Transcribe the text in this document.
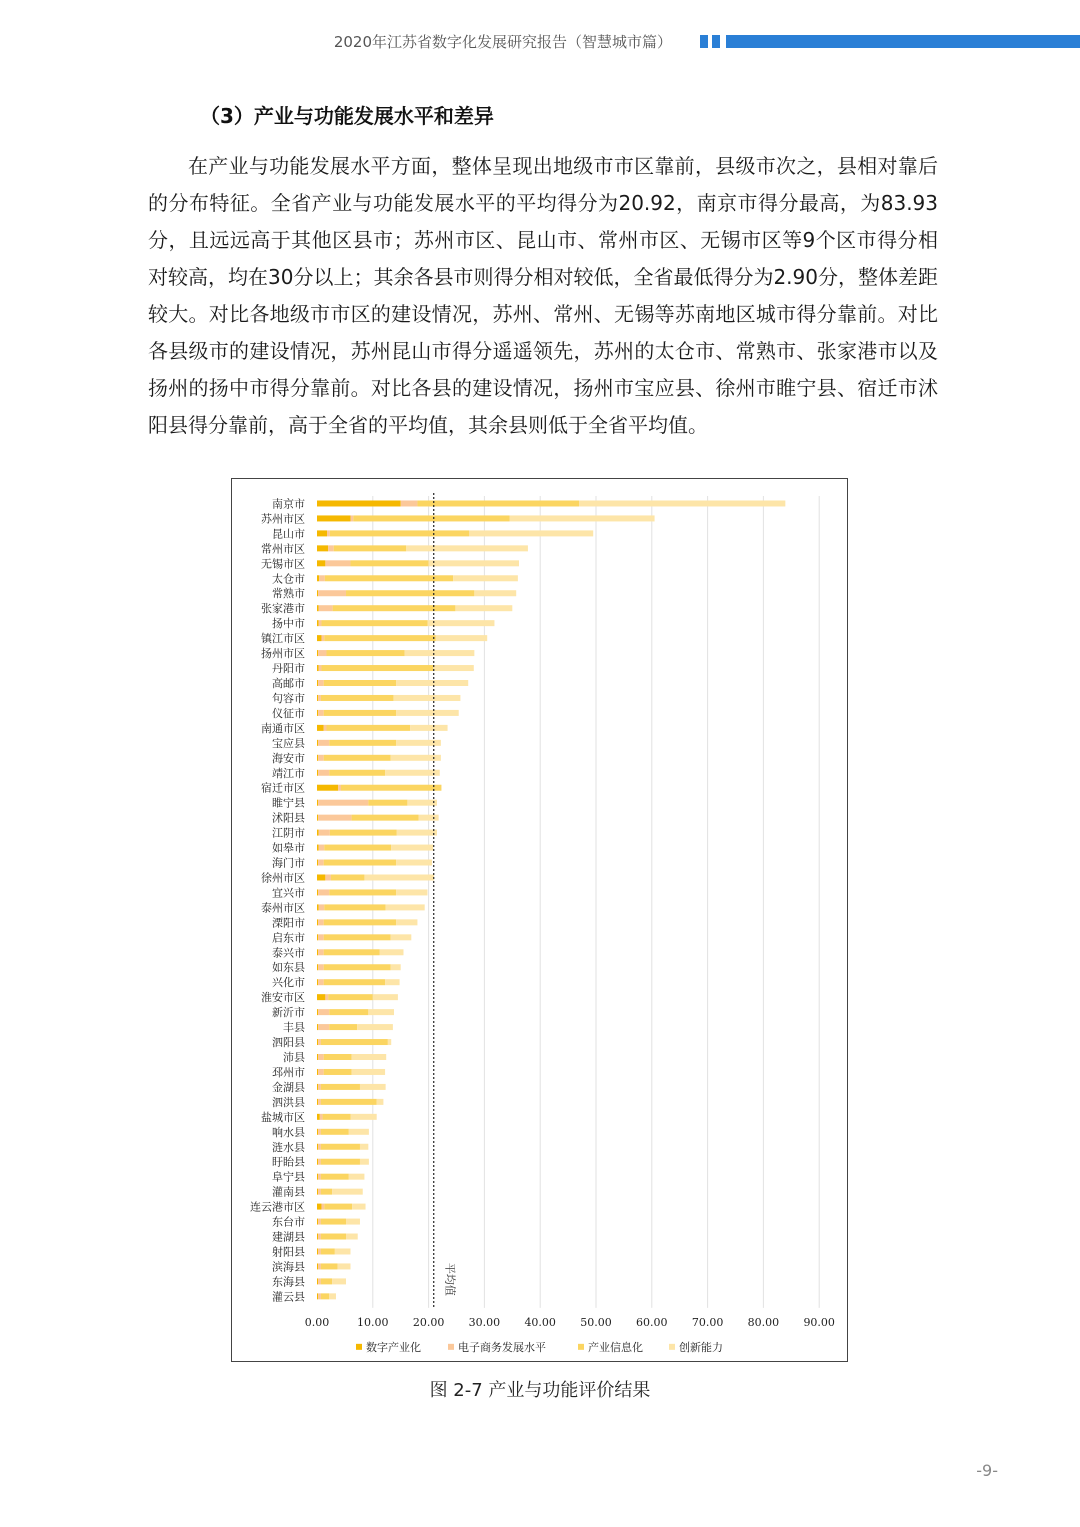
2020年江苏省数字化发展研究报告（智慧城市篇）
（3）产业与功能发展水平和差异
在产业与功能发展水平方面，整体呈现出地级市市区靠前，县级市次之，县相对靠后的分布特征。全省产业与功能发展水平的平均得分为20.92，南京市得分最高，为83.93分，且远远高于其他区县市；苏州市区、昆山市、常州市区、无锡市区等9个区市得分相对较高，均在30分以上；其余各县市则得分相对较低，全省最低得分为2.90分，整体差距较大。对比各地级市市区的建设情况，苏州、常州、无锡等苏南地区城市得分靠前。对比各县级市的建设情况，苏州昆山市得分遥遥领先，苏州的太仓市、常熟市、张家港市以及扬州的扬中市得分靠前。对比各县的建设情况，扬州市宝应县、徐州市睢宁县、宿迁市沭阳县得分靠前，高于全省的平均值，其余县则低于全省平均值。
南京市
苏州市区
昆山市
常州市区
无锡市区
太仓市
常熟市
张家港市
扬中市
镇江市区
扬州市区
丹阳市
高邮市
句容市
仪征市
南通市区
宝应县
海安市
靖江市
宿迁市区
睢宁县
沭阳县
江阴市
如皋市
海门市
徐州市区
宜兴市
泰州市区
溧阳市
启东市
泰兴市
如东县
兴化市
淮安市区
新沂市
丰县
泗阳县
沛县
邳州市
金湖县
泗洪县
盐城市区
响水县
涟水县
盱眙县
阜宁县
灌南县
连云港市区
东台市
建湖县
射阳县
滨海县
东海县
灌云县
平均值
0.00	10.00 20.00 30.00 40.00 50.00 60.00 70.00 80.00 90.00
数字产业化	电子商务发展水平	产业信息化	创新能力
图 2-7 产业与功能评价结果
-9-
